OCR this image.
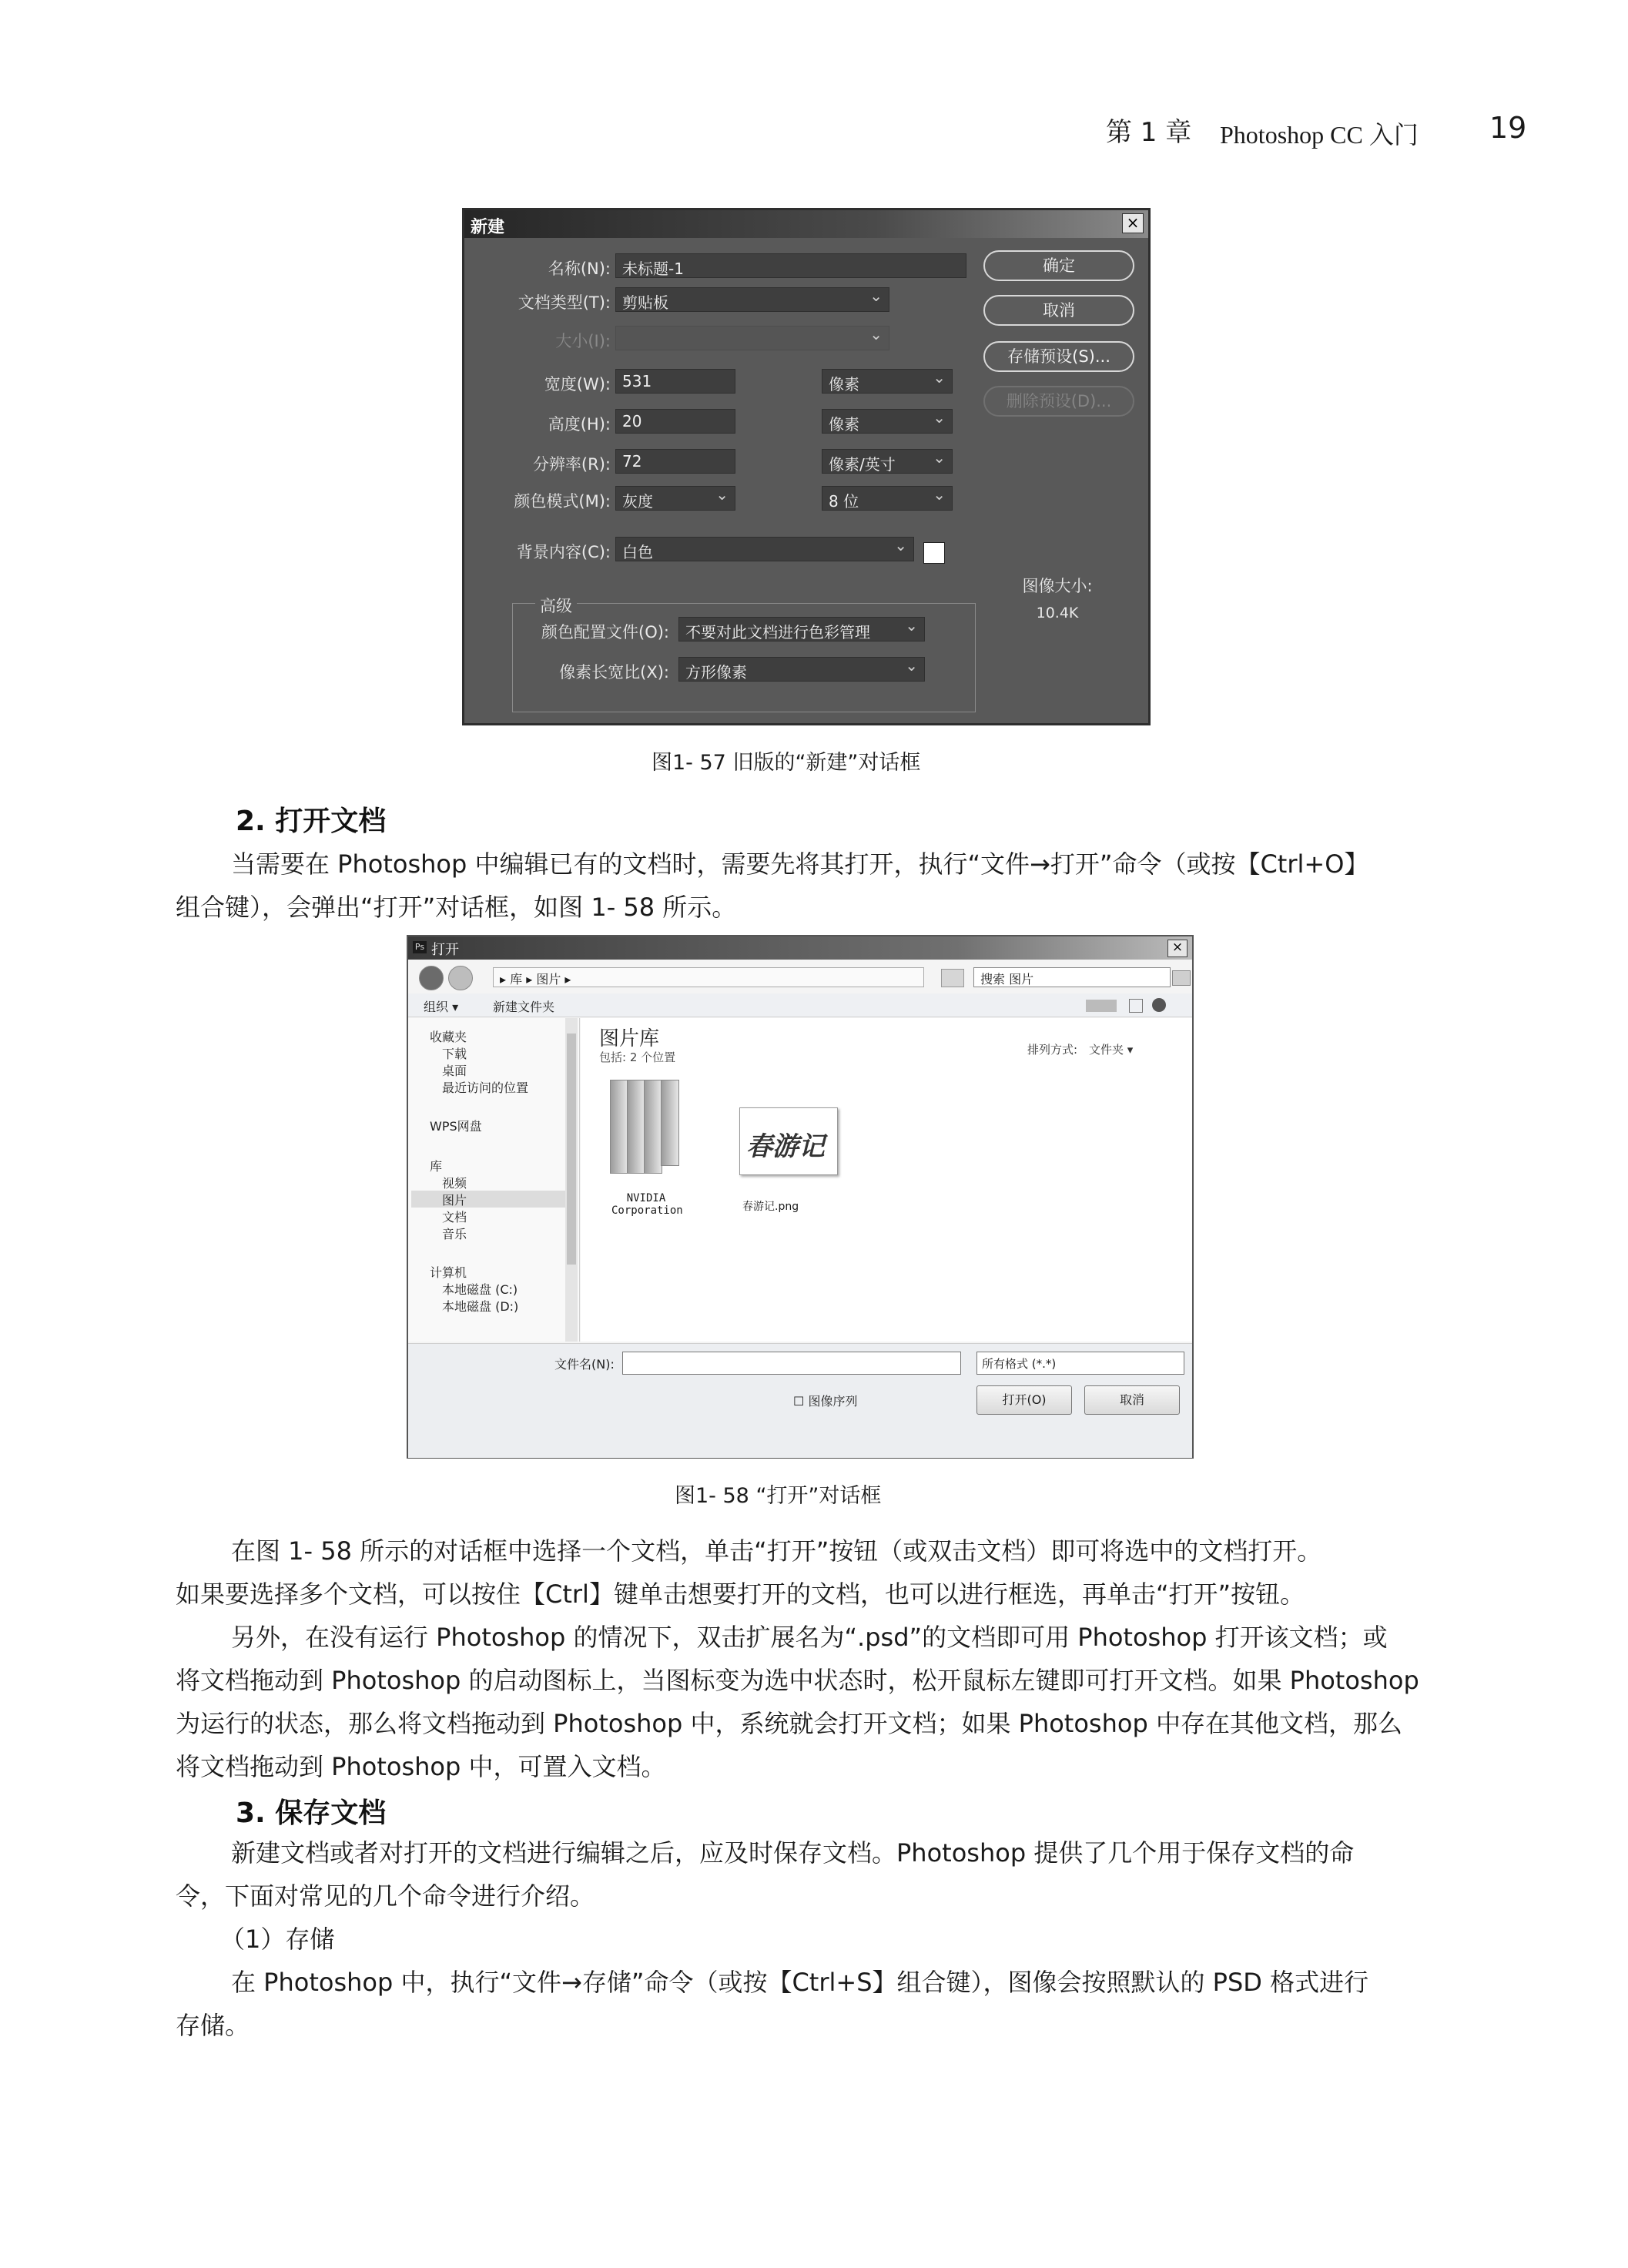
第 1 章 Photoshop CC 入门 19
新建	×
名称(N): 未标题-1
文档类型(T): 剪贴板 ⌄
大小(I):
⌄
宽度(W): 531	像素 ⌄
高度(H): 20	像素 ⌄
分辨率(R): 72	像素/英寸 ⌄
颜色模式(M): 灰度 ⌄	8 位 ⌄
背景内容(C): 白色 ⌄
高级
颜色配置文件(O):	不要对此文档进行色彩管理 ⌄
像素长宽比(X):	方形像素 ⌄
确定
取消
存储预设(S)...
删除预设(D)...
图像大小:
10.4K
图1- 57 旧版的“新建”对话框
2. 打开文档
当需要在 Photoshop 中编辑已有的文档时，需要先将其打开，执行“文件→打开”命令（或按【Ctrl+O】
组合键），会弹出“打开”对话框，如图 1- 58 所示。
Ps 打开	×
▸ 库 ▸ 图片 ▸	搜索 图片
组织 ▾	新建文件夹
收藏夹
下载
桌面
最近访问的位置
WPS网盘
库
视频
图片
文档
音乐
计算机
本地磁盘 (C:)
本地磁盘 (D:)
图片库
包括: 2 个位置
排列方式: 文件夹 ▾
NVIDIA
Corporation
春游记
春游记.png
文件名(N):	所有格式 (*.*)
☐ 图像序列	打开(O)	取消
图1- 58 “打开”对话框
在图 1- 58 所示的对话框中选择一个文档，单击“打开”按钮（或双击文档）即可将选中的文档打开。
如果要选择多个文档，可以按住【Ctrl】键单击想要打开的文档，也可以进行框选，再单击“打开”按钮。
另外，在没有运行 Photoshop 的情况下，双击扩展名为“.psd”的文档即可用 Photoshop 打开该文档；或
将文档拖动到 Photoshop 的启动图标上，当图标变为选中状态时，松开鼠标左键即可打开文档。如果 Photoshop
为运行的状态，那么将文档拖动到 Photoshop 中，系统就会打开文档；如果 Photoshop 中存在其他文档，那么
将文档拖动到 Photoshop 中，可置入文档。
3. 保存文档
新建文档或者对打开的文档进行编辑之后，应及时保存文档。Photoshop 提供了几个用于保存文档的命
令，下面对常见的几个命令进行介绍。
（1）存储
在 Photoshop 中，执行“文件→存储”命令（或按【Ctrl+S】组合键），图像会按照默认的 PSD 格式进行
存储。
